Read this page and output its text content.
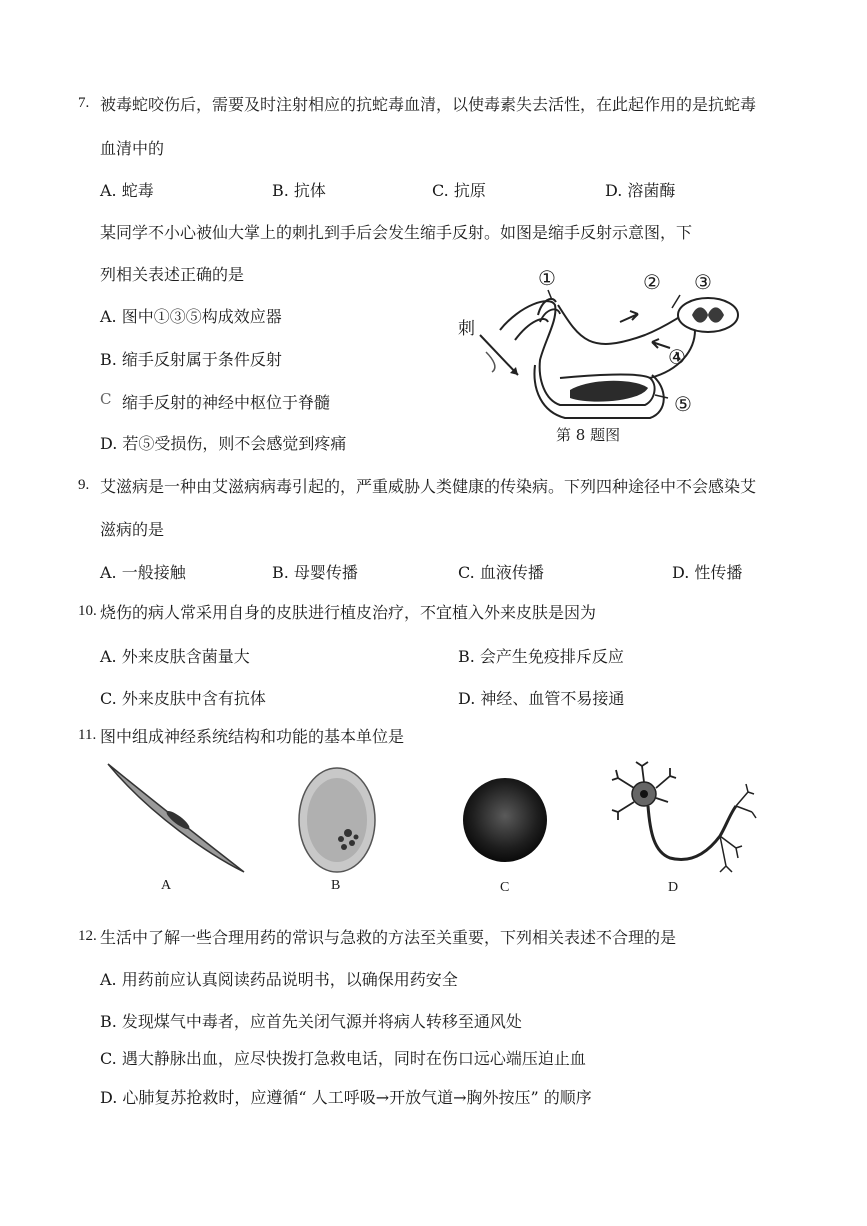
7. 被毒蛇咬伤后，需要及时注射相应的抗蛇毒血清，以使毒素失去活性，在此起作用的是抗蛇毒
血清中的
A. 蛇毒	B. 抗体	C. 抗原	D. 溶菌酶
某同学不小心被仙大掌上的刺扎到手后会发生缩手反射。如图是缩手反射示意图，下
列相关表述正确的是
A. 图中①③⑤构成效应器
B. 缩手反射属于条件反射
C 缩手反射的神经中枢位于脊髓
D. 若⑤受损伤，则不会感觉到疼痛
①	② ③
④
⑤
刺
第 8 题图
9. 艾滋病是一种由艾滋病病毒引起的，严重威胁人类健康的传染病。下列四种途径中不会感染艾
滋病的是
A. 一般接触	B. 母婴传播	C. 血液传播	D. 性传播
10. 烧伤的病人常采用自身的皮肤进行植皮治疗，不宜植入外来皮肤是因为
A. 外来皮肤含菌量大	B. 会产生免疫排斥反应
C. 外来皮肤中含有抗体	D. 神经、血管不易接通
11. 图中组成神经系统结构和功能的基本单位是
A	B	C	D
12. 生活中了解一些合理用药的常识与急救的方法至关重要，下列相关表述不合理的是
A. 用药前应认真阅读药品说明书，以确保用药安全
B. 发现煤气中毒者，应首先关闭气源并将病人转移至通风处
C. 遇大静脉出血，应尽快拨打急救电话，同时在伤口远心端压迫止血
D. 心肺复苏抢救时，应遵循“ 人工呼吸→开放气道→胸外按压” 的顺序
